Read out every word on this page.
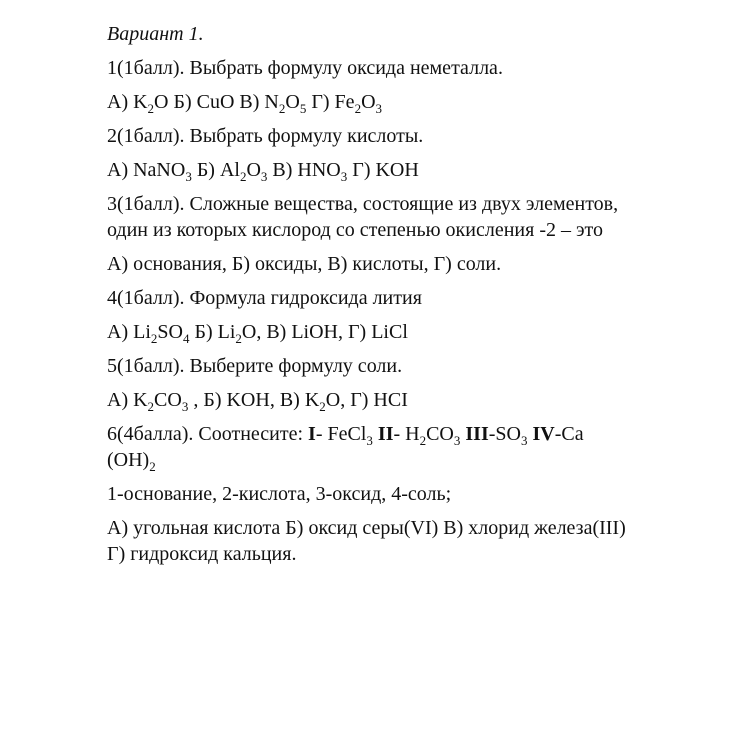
Вариант 1.

1(1балл). Выбрать формулу оксида неметалла.

А) $K_2O$ Б) CuO В) $N_2O_5$ Г) $Fe_2O_3$

2(1балл). Выбрать формулу кислоты.

А) NaNO$_3$ Б) $Al_2O_3$ В) $HNO_3$ Г) KOH

3(1балл). Сложные вещества, состоящие из двух элементов,

один из которых кислород со степенью окисления -2 – это

А) основания, Б) оксиды, В) кислоты, Г) соли.

4(1балл). Формула гидроксида лития

А) $Li_2SO_4$ Б) $Li_2O$, В) LiOH, Г) LiCl

5(1балл). Выберите формулу соли.

А) $K_2CO_3$ , Б) KOH, В) $K_2O$, Г) HCI

6(4балла). Соотнесите: I- FeCl$_3$ II- $H_2CO_3$ III-$SO_3$ IV-Ca

$(OH)_2$

1-основание, 2-кислота, 3-оксид, 4-соль;

А) угольная кислота Б) оксид серы(VI) В) хлорид железа(III)

Г) гидроксид кальция.
